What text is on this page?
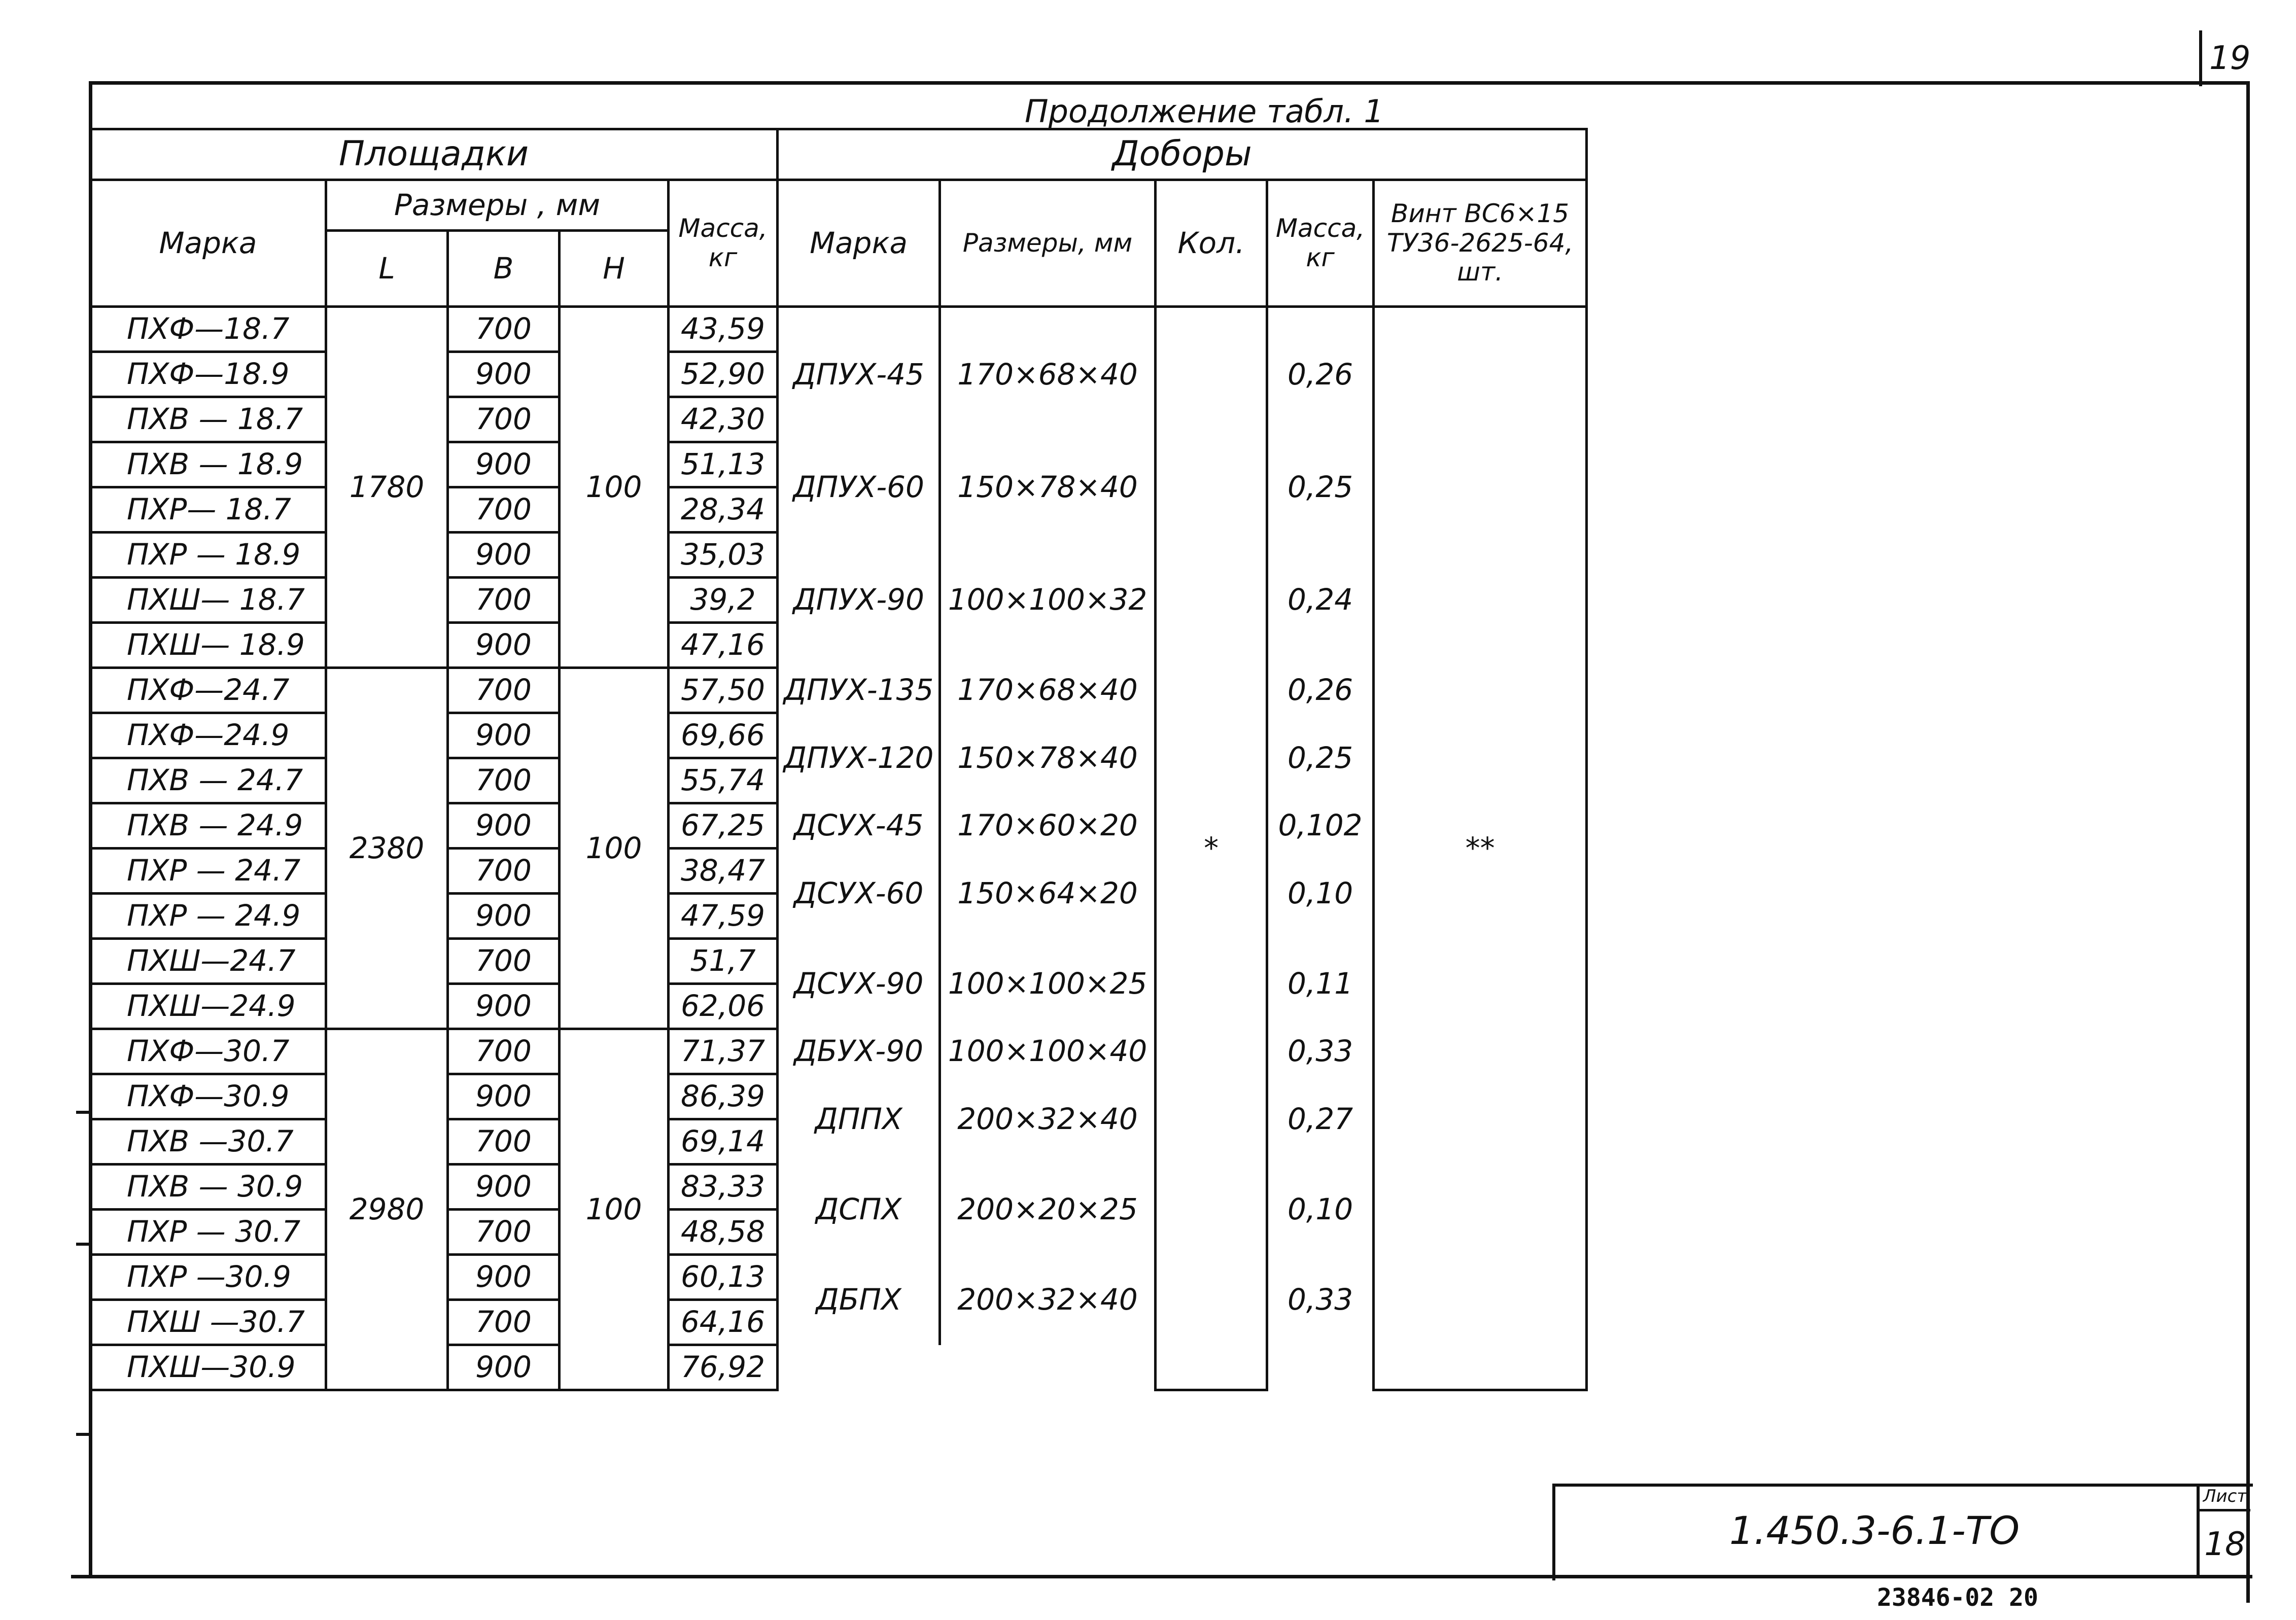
19
Продолжение табл. 1
Площадки					Доборы				
Марка	Размеры , мм			Масса, кг	Марка	Размеры, мм	Кол.	Масса, кг	Винт ВС6×15 ТУ36-2625-64, шт.
	L	B	H						
ПХФ—18.7	1780	700	100	43,59	ДПУХ-45	170×68×40	*	0,26	**
ПХФ—18.9		900		52,90					
ПХВ — 18.7		700		42,30					
ПХВ — 18.9		900		51,13	ДПУХ-60	150×78×40		0,25	
ПХР— 18.7		700		28,34					
ПХР — 18.9		900		35,03	ДПУХ-90	100×100×32		0,24	
ПХШ— 18.7		700		39,2					
ПХШ— 18.9		900		47,16					
ПХФ—24.7	2380	700	100	57,50	ДПУХ-135	170×68×40		0,26	
ПХФ—24.9		900		69,66	ДПУХ-120	150×78×40		0,25	
ПХВ — 24.7		700		55,74					
ПХВ — 24.9		900		67,25	ДСУХ-45	170×60×20		0,102	
ПХР — 24.7		700		38,47	ДСУХ-60	150×64×20		0,10	
ПХР — 24.9		900		47,59					
ПХШ—24.7		700		51,7	ДСУХ-90	100×100×25		0,11	
ПХШ—24.9		900		62,06					
ПХФ—30.7	2980	700	100	71,37	ДБУХ-90	100×100×40		0,33	
ПХФ—30.9		900		86,39	ДППХ	200×32×40		0,27	
ПХВ —30.7		700		69,14					
ПХВ — 30.9		900		83,33	ДСПХ	200×20×25		0,10	
ПХР — 30.7		700		48,58					
ПХР —30.9		900		60,13	ДБПХ	200×32×40		0,33	
ПХШ —30.7		700		64,16					
ПХШ—30.9		900		76,92					
1.450.3-6.1-ТО
Лист
18
23846-02 20
